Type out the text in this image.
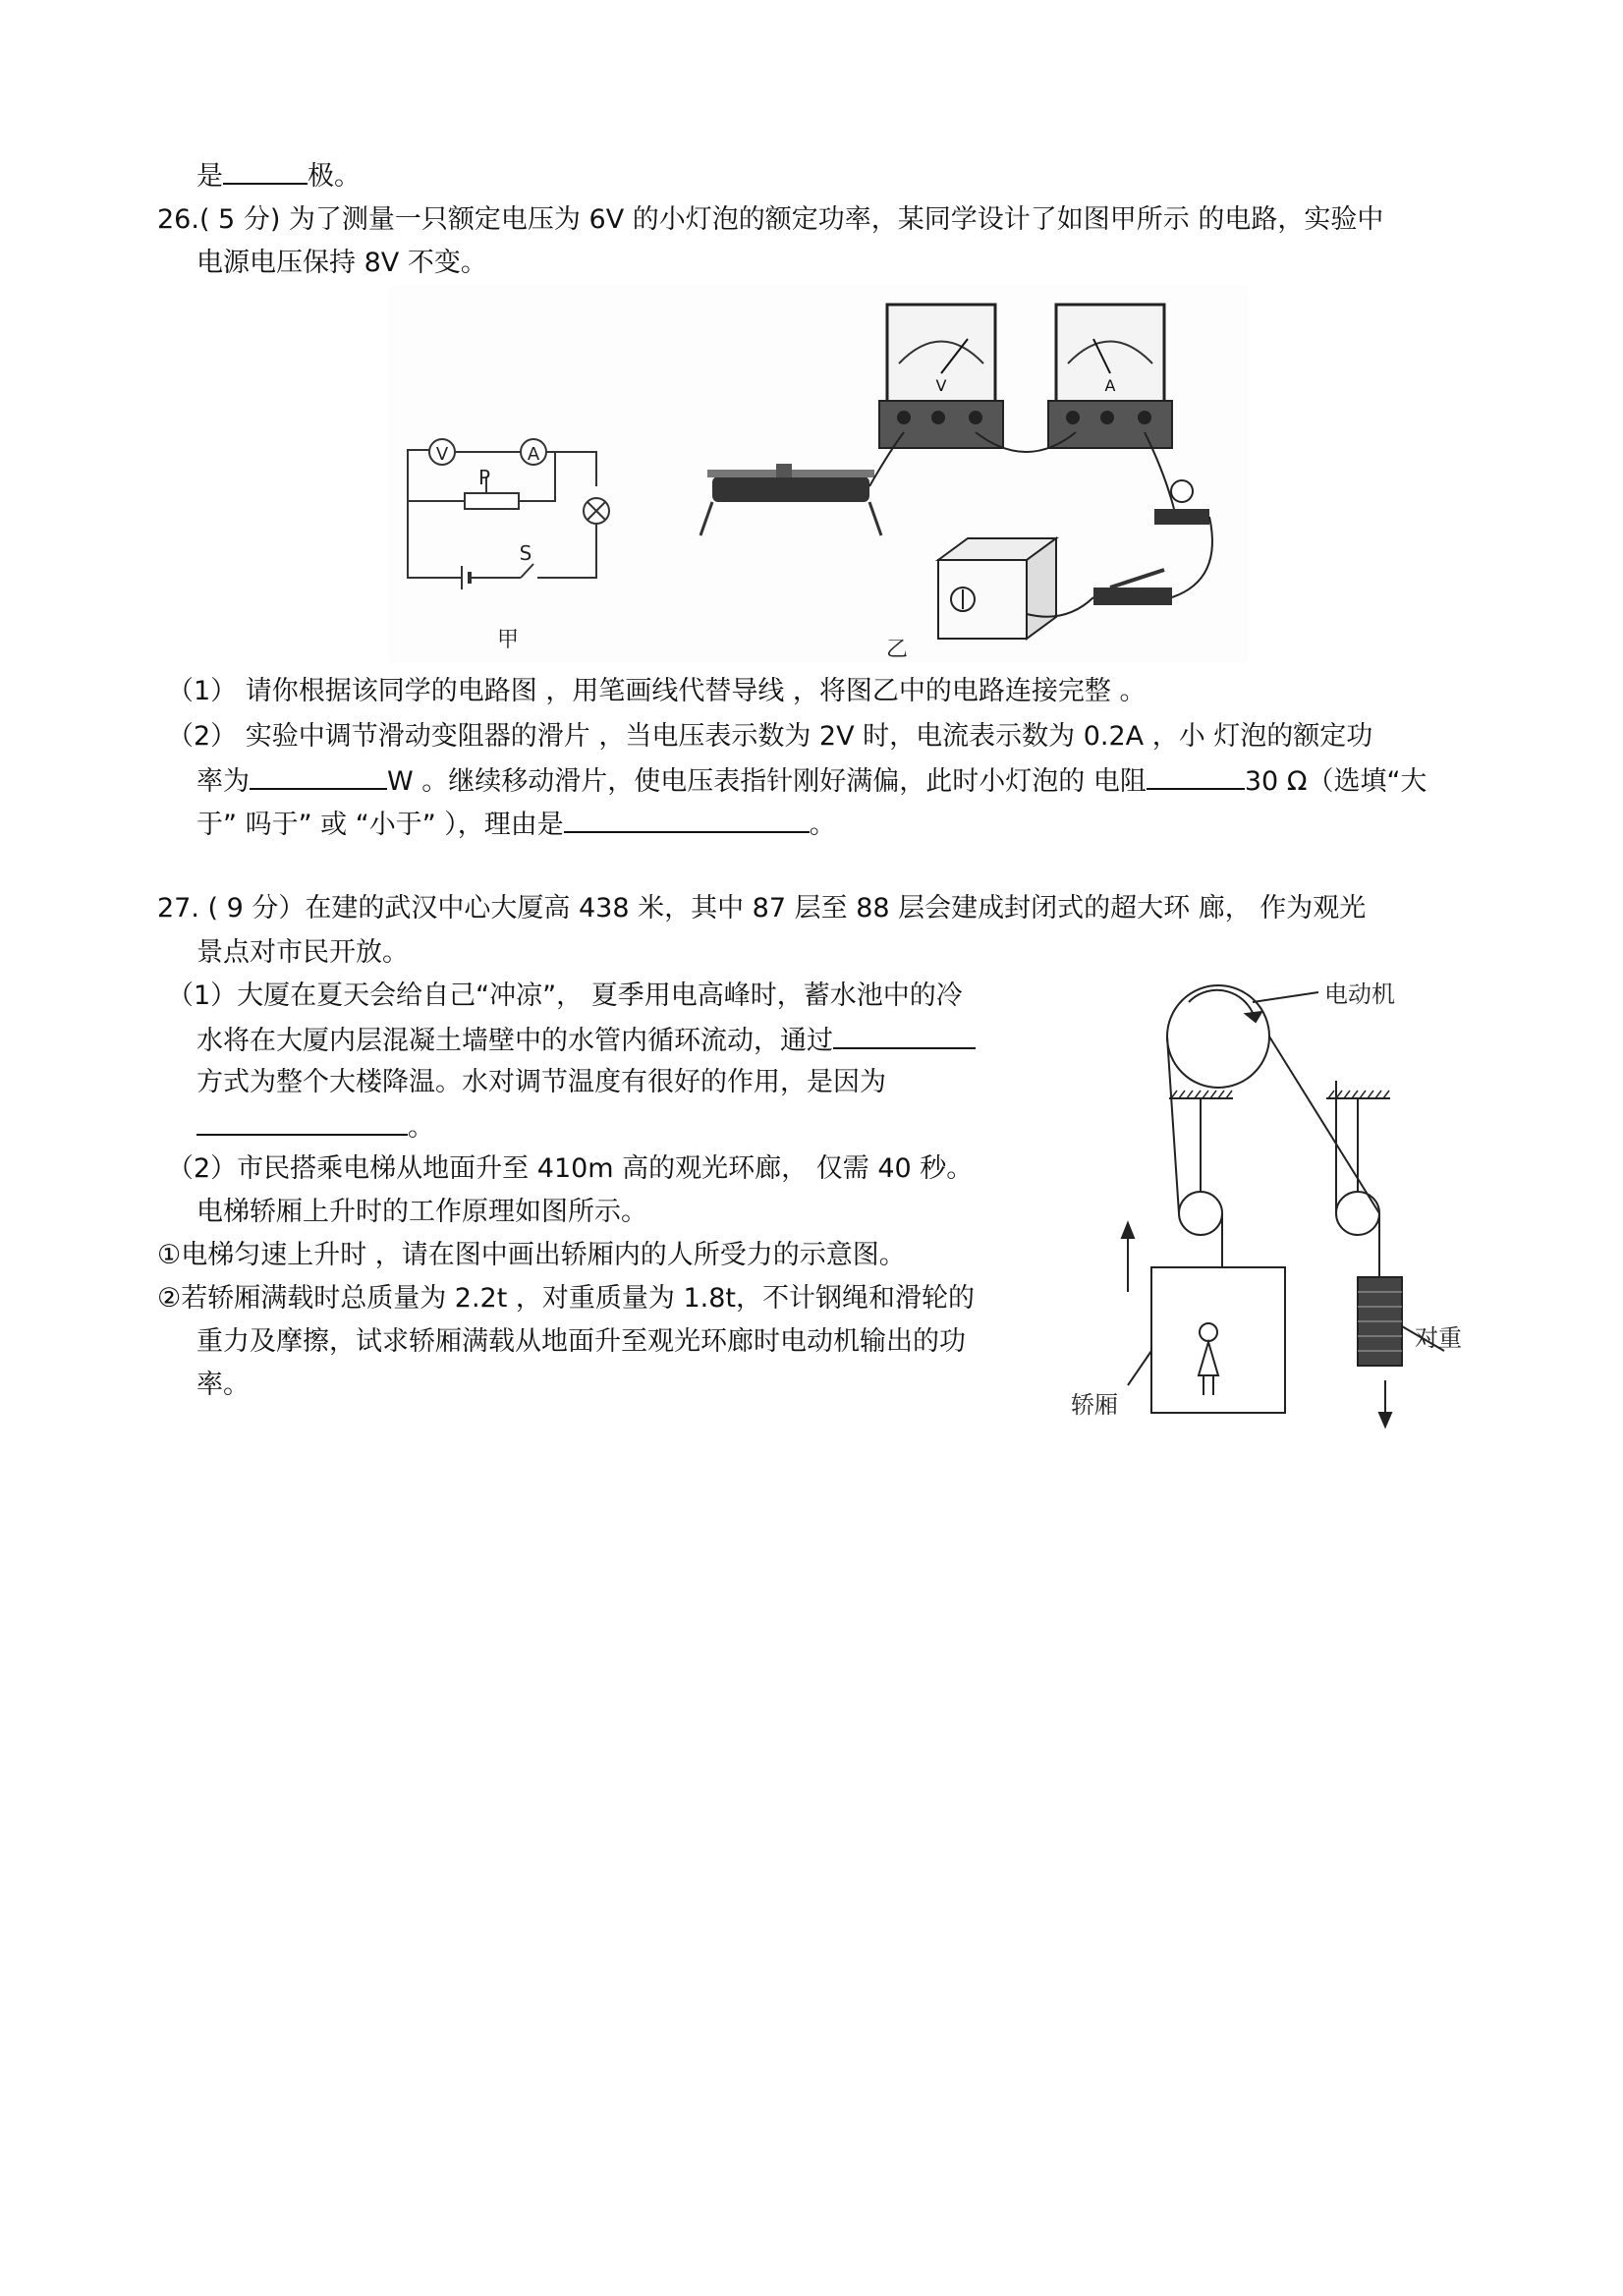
是	极。
26.( 5 分) 为了测量一只额定电压为 6V 的小灯泡的额定功率，某同学设计了如图甲所示 的电路，实验中
电源电压保持 8V 不变。
V	A
P
S
甲
V	A
乙
（1） 请你根据该同学的电路图 ，用笔画线代替导线 ，将图乙中的电路连接完整 。
（2） 实验中调节滑动变阻器的滑片 ，当电压表示数为 2V 时，电流表示数为 0.2A ，小 灯泡的额定功
率为	W 。继续移动滑片，使电压表指针刚好满偏，此时小灯泡的 电阻	30 Ω（选填“大
于” 吗于” 或 “小于” ），理由是	。
27. ( 9 分）在建的武汉中心大厦高 438 米，其中 87 层至 88 层会建成封闭式的超大环 廊， 作为观光
景点对市民开放。
（1）大厦在夏天会给自己“冲凉”， 夏季用电高峰时，蓄水池中的冷
水将在大厦内层混凝土墙壁中的水管内循环流动，通过
方式为整个大楼降温。水对调节温度有很好的作用，是因为
。
（2）市民搭乘电梯从地面升至 410m 高的观光环廊， 仅需 40 秒。
电梯轿厢上升时的工作原理如图所示。
①电梯匀速上升时 ，请在图中画出轿厢内的人所受力的示意图。
②若轿厢满载时总质量为 2.2t ，对重质量为 1.8t，不计钢绳和滑轮的
重力及摩擦，试求轿厢满载从地面升至观光环廊时电动机输出的功
率。
电动机
对重
轿厢
